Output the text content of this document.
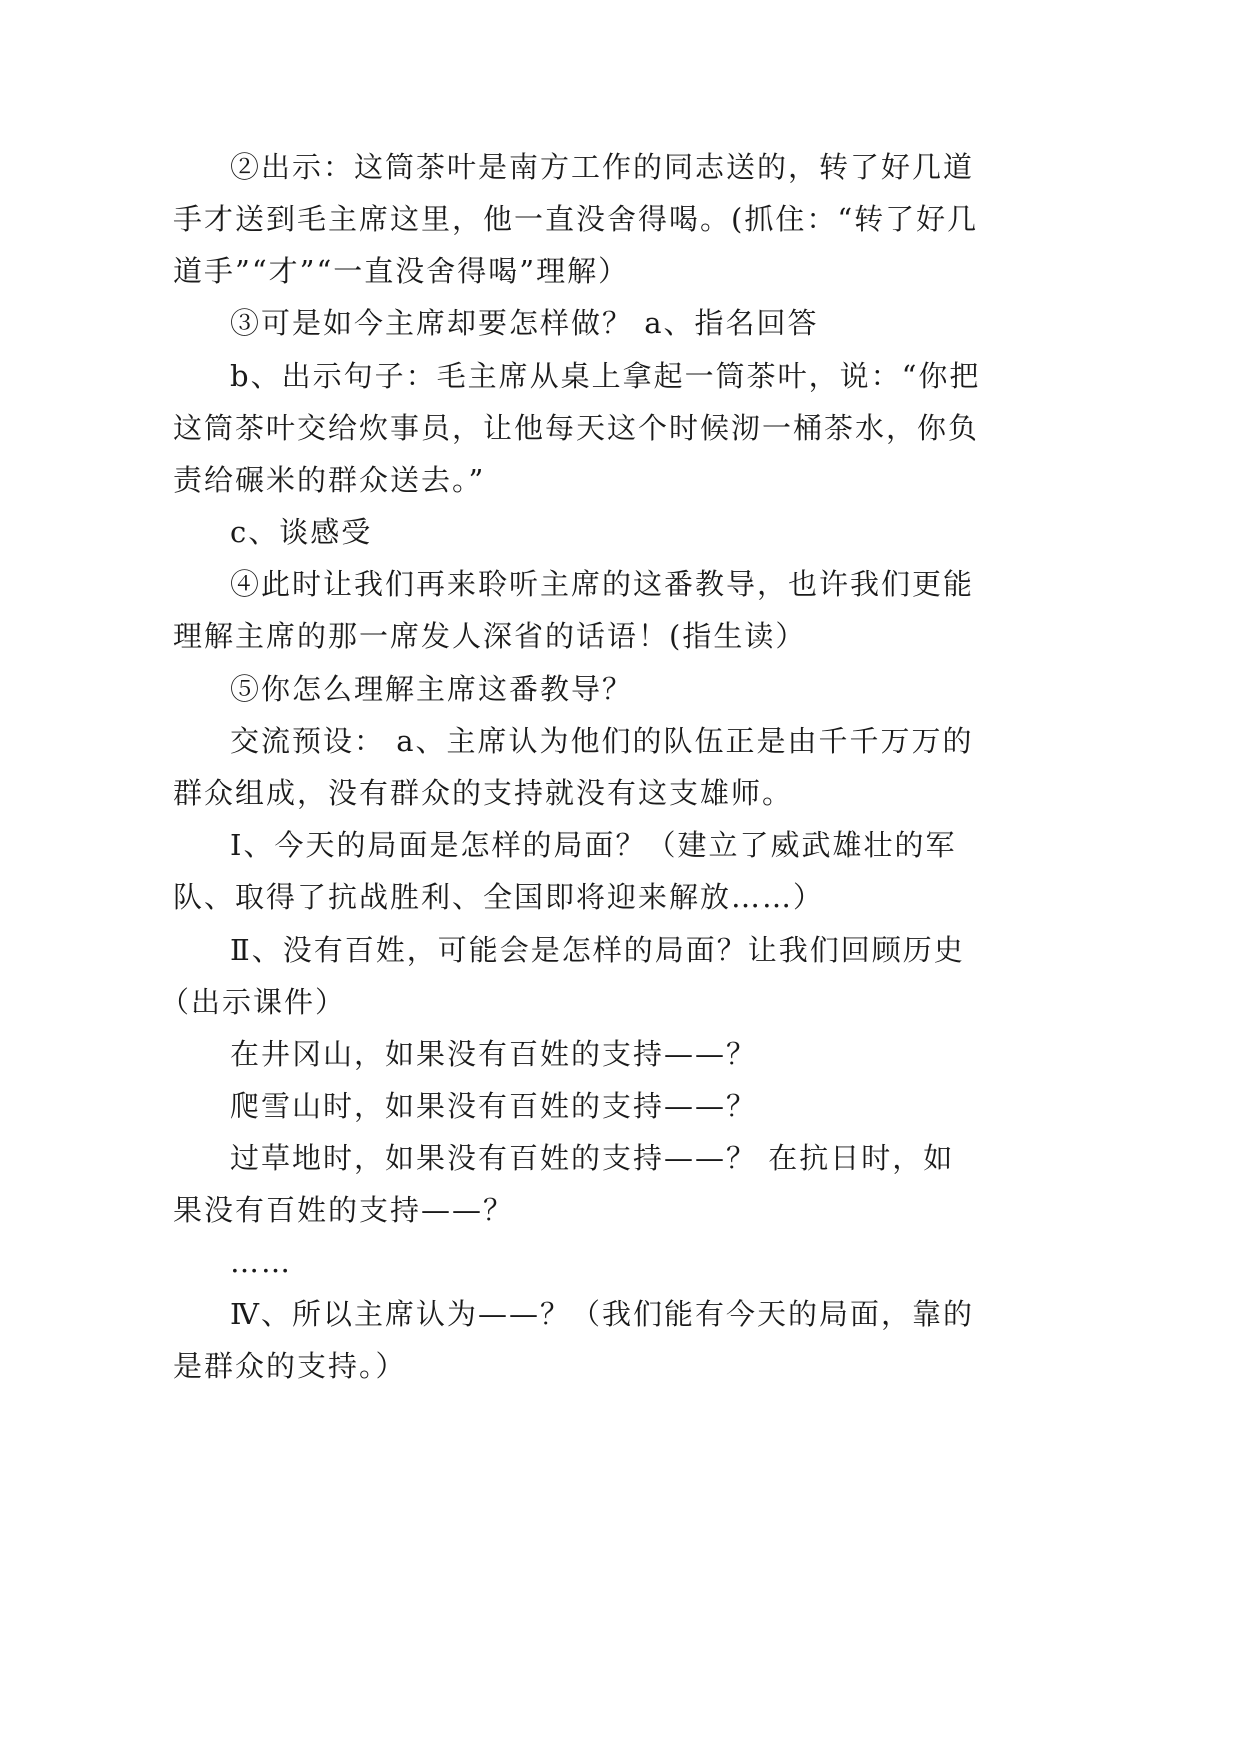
②出示：这筒茶叶是南方工作的同志送的，转了好几道
手才送到毛主席这里，他一直没舍得喝。(抓住：“转了好几
道手”“才”“一直没舍得喝”理解）
③可是如今主席却要怎样做？ a、指名回答
b、出示句子：毛主席从桌上拿起一筒茶叶，说：“你把
这筒茶叶交给炊事员，让他每天这个时候沏一桶茶水，你负
责给碾米的群众送去。”
c、谈感受
④此时让我们再来聆听主席的这番教导，也许我们更能
理解主席的那一席发人深省的话语！(指生读）
⑤你怎么理解主席这番教导？
交流预设： a、主席认为他们的队伍正是由千千万万的
群众组成，没有群众的支持就没有这支雄师。
Ⅰ、今天的局面是怎样的局面？（建立了威武雄壮的军
队、取得了抗战胜利、全国即将迎来解放……）
Ⅱ、没有百姓，可能会是怎样的局面？让我们回顾历史
（出示课件）
在井冈山，如果没有百姓的支持——？
爬雪山时，如果没有百姓的支持——？
过草地时，如果没有百姓的支持——？ 在抗日时，如
果没有百姓的支持——？
……
Ⅳ、所以主席认为——？（我们能有今天的局面，靠的
是群众的支持。）
